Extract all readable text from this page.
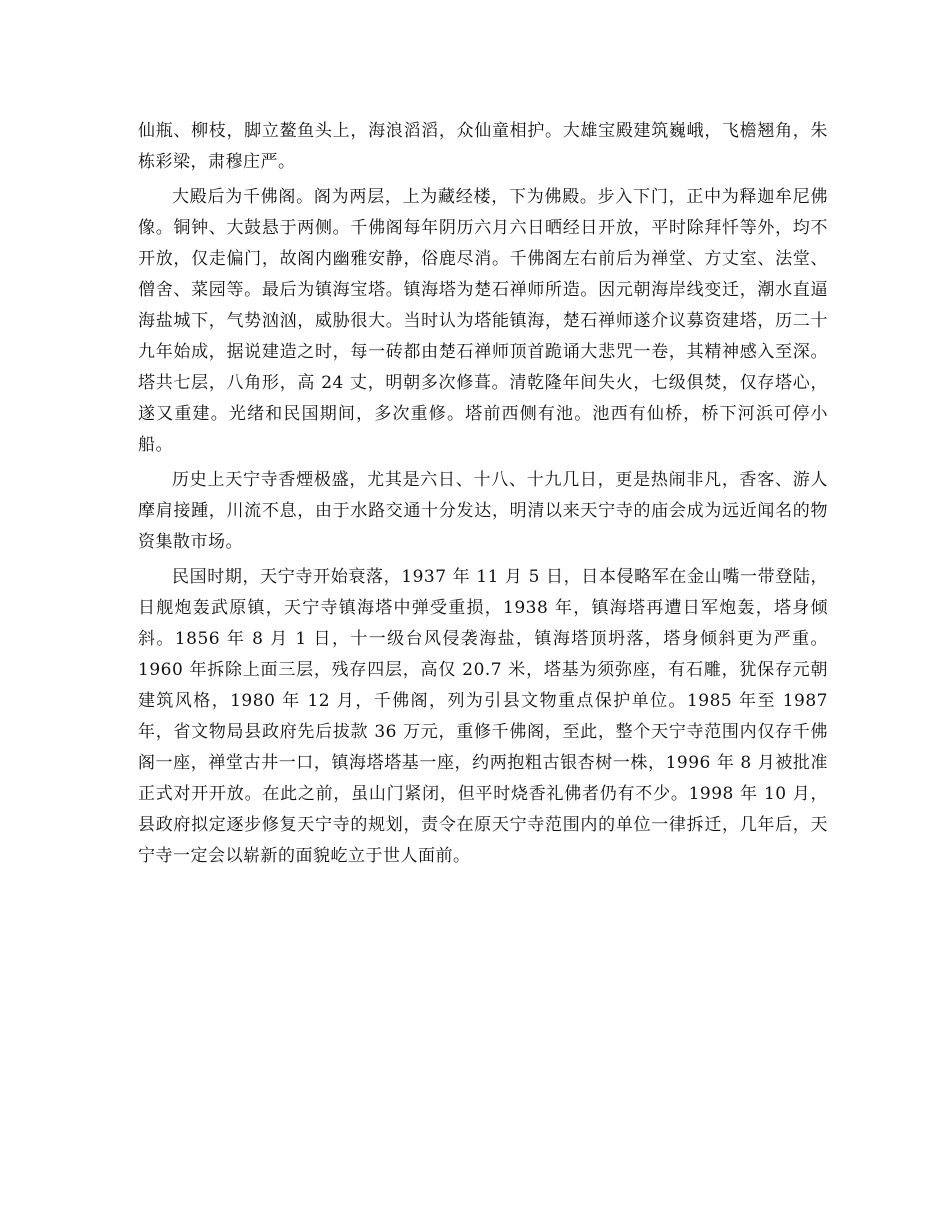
仙瓶、柳枝，脚立鳌鱼头上，海浪滔滔，众仙童相护。大雄宝殿建筑巍峨，飞檐翘角，朱栋彩梁，肃穆庄严。

大殿后为千佛阁。阁为两层，上为藏经楼，下为佛殿。步入下门，正中为释迦牟尼佛像。铜钟、大鼓悬于两侧。千佛阁每年阴历六月六日晒经日开放，平时除拜忏等外，均不开放，仅走偏门，故阁内幽雅安静，俗鹿尽消。千佛阁左右前后为禅堂、方丈室、法堂、僧舍、菜园等。最后为镇海宝塔。镇海塔为楚石禅师所造。因元朝海岸线变迁，潮水直逼海盐城下，气势汹汹，威胁很大。当时认为塔能镇海，楚石禅师遂介议募资建塔，历二十九年始成，据说建造之时，每一砖都由楚石禅师顶首跪诵大悲咒一卷，其精神感入至深。塔共七层，八角形，高 24 丈，明朝多次修葺。清乾隆年间失火，七级俱焚，仅存塔心，遂又重建。光绪和民国期间，多次重修。塔前西侧有池。池西有仙桥，桥下河浜可停小船。

历史上天宁寺香煙极盛，尤其是六日、十八、十九几日，更是热闹非凡，香客、游人摩肩接踵，川流不息，由于水路交通十分发达，明清以来天宁寺的庙会成为远近闻名的物资集散市场。

民国时期，天宁寺开始衰落，1937 年 11 月 5 日，日本侵略军在金山嘴一带登陆，日舰炮轰武原镇，天宁寺镇海塔中弹受重损，1938 年，镇海塔再遭日军炮轰，塔身倾斜。1856 年 8 月 1 日，十一级台风侵袭海盐，镇海塔顶坍落，塔身倾斜更为严重。1960 年拆除上面三层，残存四层，高仅 20.7 米，塔基为须弥座，有石雕，犹保存元朝建筑风格，1980 年 12 月，千佛阁，列为引县文物重点保护单位。1985 年至 1987 年，省文物局县政府先后拔款 36 万元，重修千佛阁，至此，整个天宁寺范围内仅存千佛阁一座，禅堂古井一口，镇海塔塔基一座，约两抱粗古银杏树一株，1996 年 8 月被批准正式对开开放。在此之前，虽山门紧闭，但平时烧香礼佛者仍有不少。1998 年 10 月，县政府拟定逐步修复天宁寺的规划，责令在原天宁寺范围内的单位一律拆迁，几年后，天宁寺一定会以崭新的面貌屹立于世人面前。
